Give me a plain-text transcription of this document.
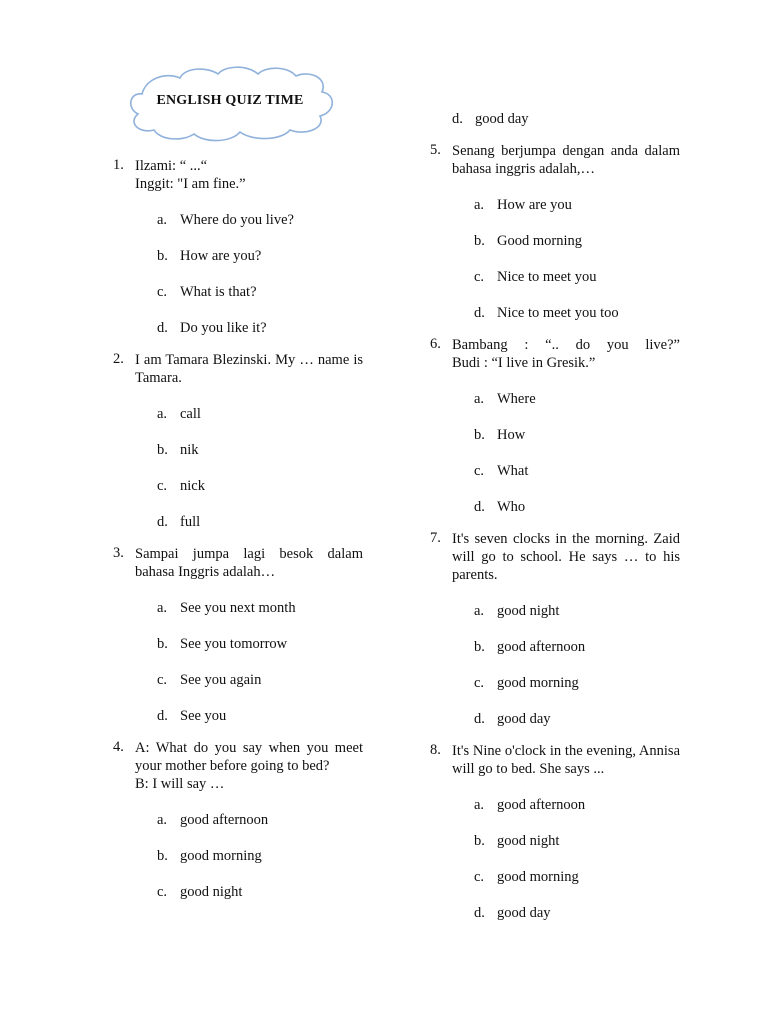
ENGLISH QUIZ TIME
1. Ilzami: “ ...“
Inggit: "I am fine.”
a. Where do you live?
b. How are you?
c. What is that?
d. Do you like it?
2. I am Tamara Blezinski. My … name is Tamara.
a. call
b. nik
c. nick
d. full
3. Sampai jumpa lagi besok dalam bahasa Inggris adalah…
a. See you next month
b. See you tomorrow
c. See you again
d. See you
4. A: What do you say when you meet your mother before going to bed?
B: I will say …
a. good afternoon
b. good morning
c. good night
d. good day
5. Senang berjumpa dengan anda dalam bahasa inggris adalah,…
a. How are you
b. Good morning
c. Nice to meet you
d. Nice to meet you too
6. Bambang : “.. do you live?”
Budi : “I live in Gresik.”
a. Where
b. How
c. What
d. Who
7. It's seven clocks in the morning. Zaid will go to school. He says … to his parents.
a. good night
b. good afternoon
c. good morning
d. good day
8. It's Nine o'clock in the evening, Annisa will go to bed. She says ...
a. good afternoon
b. good night
c. good morning
d. good day
